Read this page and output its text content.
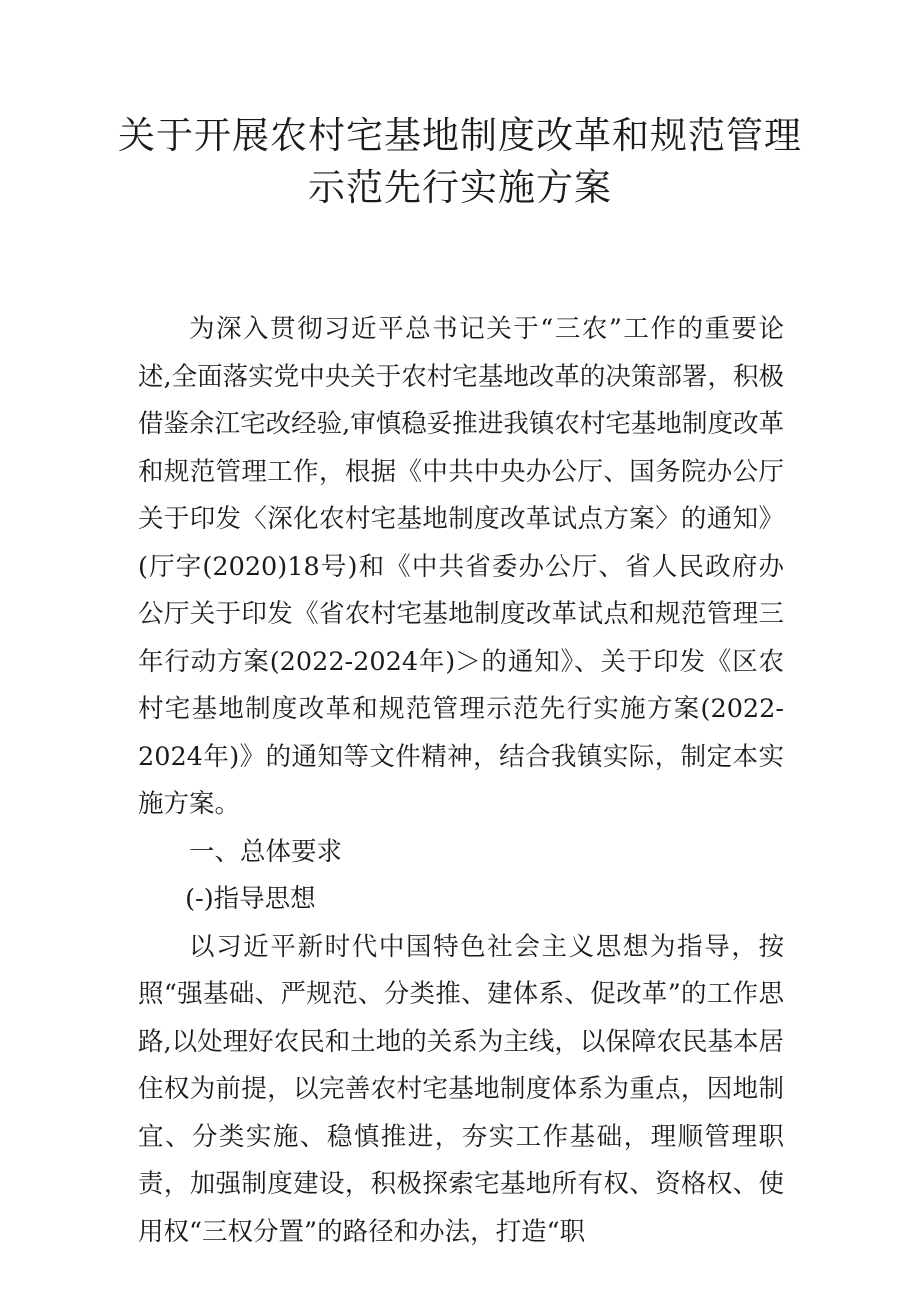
关于开展农村宅基地制度改革和规范管理
示范先行实施方案

为深入贯彻习近平总书记关于“三农”工作的重要论述,全面落实党中央关于农村宅基地改革的决策部署，积极借鉴余江宅改经验,审慎稳妥推进我镇农村宅基地制度改革和规范管理工作，根据《中共中央办公厅、国务院办公厅关于印发〈深化农村宅基地制度改革试点方案〉的通知》(厅字(2020)18号)和《中共省委办公厅、省人民政府办公厅关于印发《省农村宅基地制度改革试点和规范管理三年行动方案(2022-2024年)＞的通知》、关于印发《区农村宅基地制度改革和规范管理示范先行实施方案(2022-2024年)》的通知等文件精神，结合我镇实际，制定本实施方案。

一、总体要求

(-)指导思想

以习近平新时代中国特色社会主义思想为指导，按照“强基础、严规范、分类推、建体系、促改革”的工作思路,以处理好农民和土地的关系为主线，以保障农民基本居住权为前提，以完善农村宅基地制度体系为重点，因地制宜、分类实施、稳慎推进，夯实工作基础，理顺管理职责，加强制度建设，积极探索宅基地所有权、资格权、使用权“三权分置”的路径和办法，打造“职
